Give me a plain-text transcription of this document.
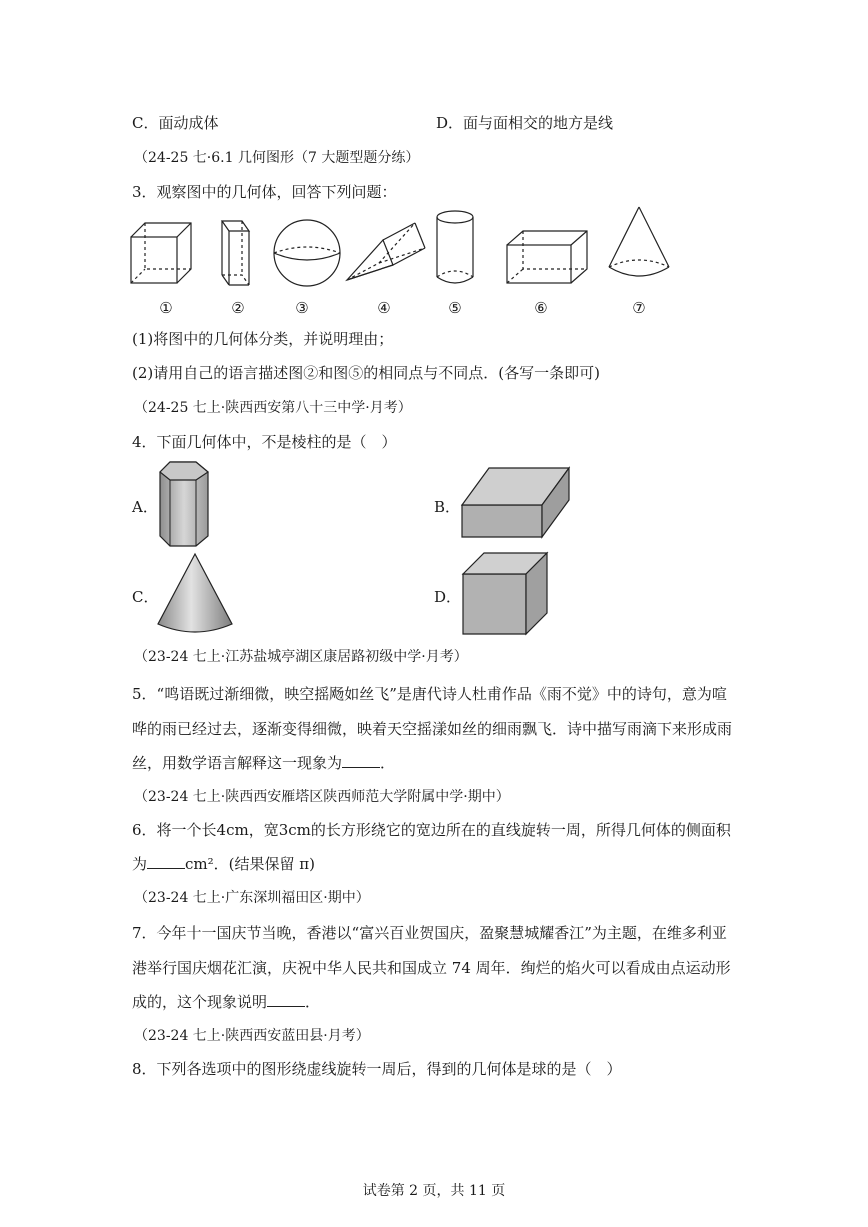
C．面动成体	D．面与面相交的地方是线
（24-25 七·6.1 几何图形（7 大题型题分练）
3．观察图中的几何体，回答下列问题：
①	②	③	④	⑤	⑥	⑦
(1)将图中的几何体分类，并说明理由；
(2)请用自己的语言描述图②和图⑤的相同点与不同点．(各写一条即可)
（24-25 七上·陕西西安第八十三中学·月考）
4．下面几何体中，不是棱柱的是（　）
A．	B．
C．	D．
（23-24 七上·江苏盐城亭湖区康居路初级中学·月考）
5．“鸣语既过渐细微，映空摇飏如丝飞”是唐代诗人杜甫作品《雨不觉》中的诗句，意为喧
哗的雨已经过去，逐渐变得细微，映着天空摇漾如丝的细雨飘飞．诗中描写雨滴下来形成雨
丝，用数学语言解释这一现象为	．
（23-24 七上·陕西西安雁塔区陕西师范大学附属中学·期中）
6．将一个长4cm，宽3cm的长方形绕它的宽边所在的直线旋转一周，所得几何体的侧面积
为	cm²．(结果保留 π)
（23-24 七上·广东深圳福田区·期中）
7．今年十一国庆节当晚，香港以“富兴百业贺国庆，盈聚慧城耀香江”为主题，在维多利亚
港举行国庆烟花汇演，庆祝中华人民共和国成立 74 周年．绚烂的焰火可以看成由点运动形
成的，这个现象说明	．
（23-24 七上·陕西西安蓝田县·月考）
8．下列各选项中的图形绕虚线旋转一周后，得到的几何体是球的是（　）
试卷第 2 页，共 11 页
